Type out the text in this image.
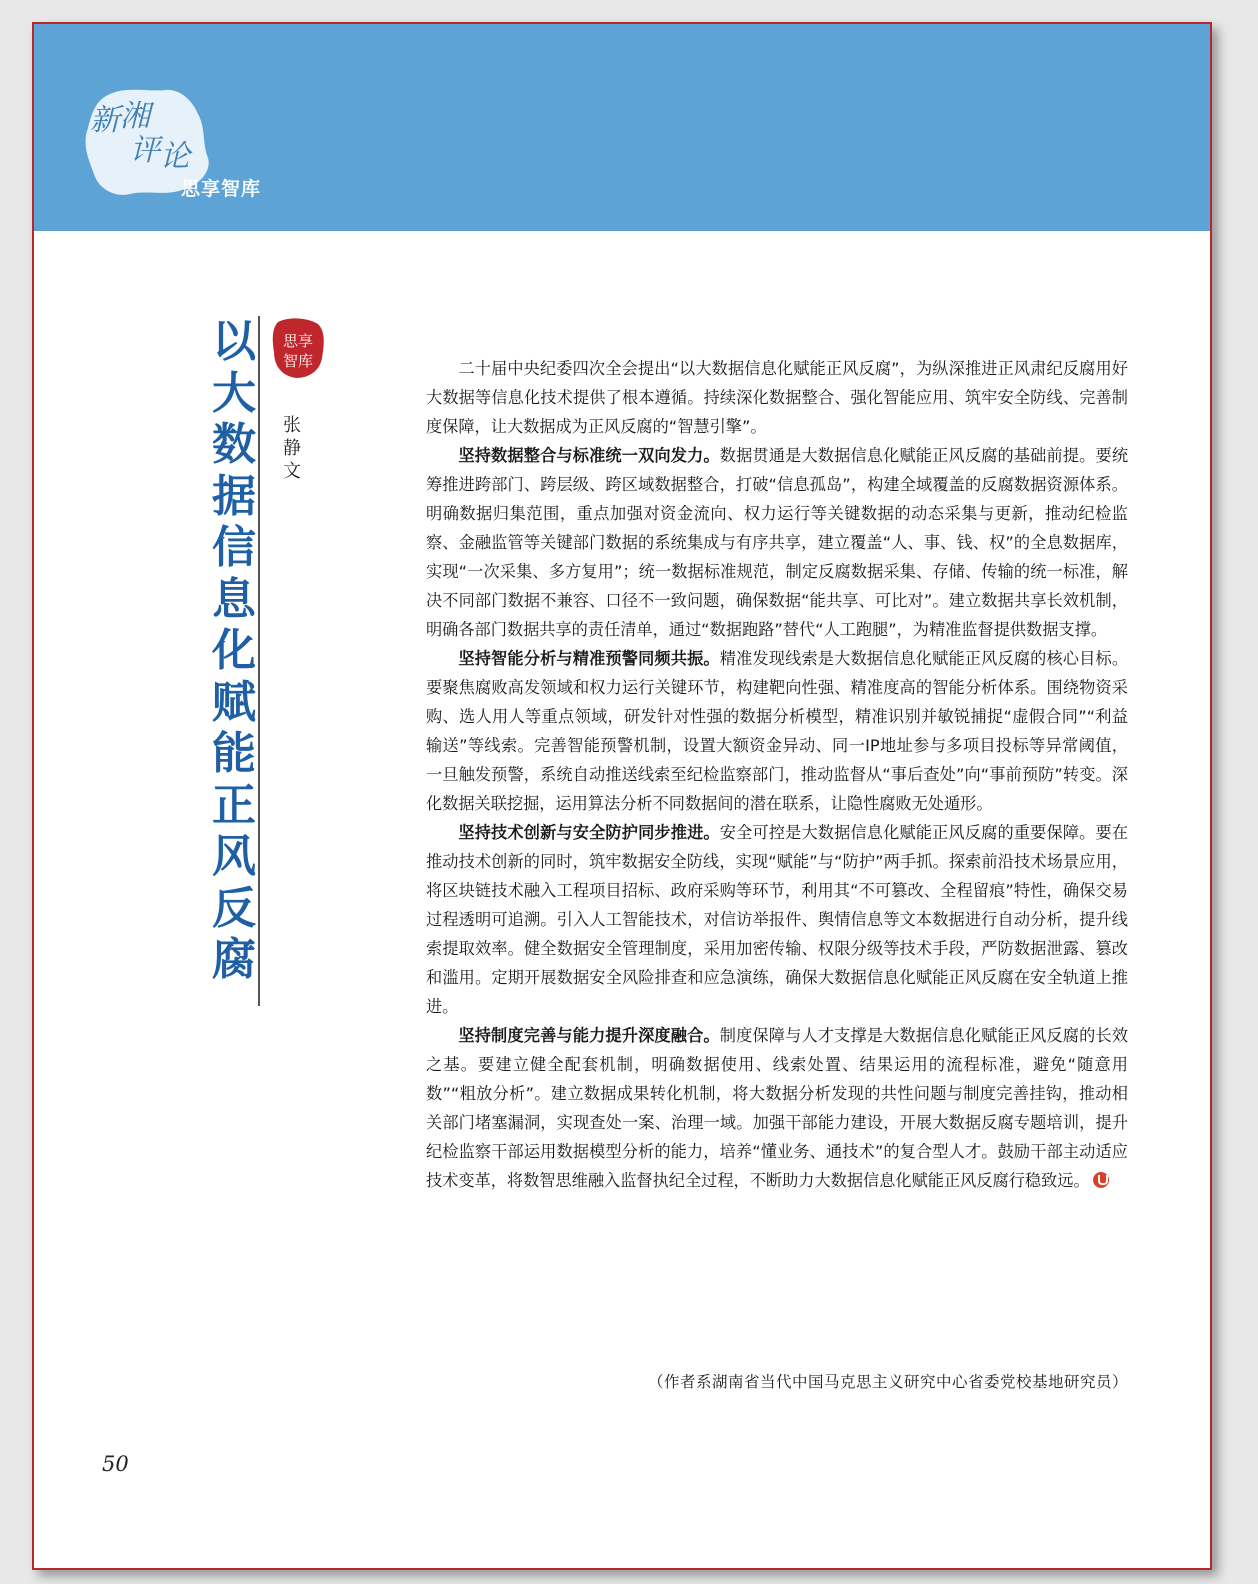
新 湘
评 论
思享智库
以大数据信息化赋能正风反腐
思享
智库
张静文

二十届中央纪委四次全会提出“以大数据信息化赋能正风反腐”，为纵深推进正风肃纪反腐用好大数据等信息化技术提供了根本遵循。持续深化数据整合、强化智能应用、筑牢安全防线、完善制度保障，让大数据成为正风反腐的“智慧引擎”。

坚持数据整合与标准统一双向发力。数据贯通是大数据信息化赋能正风反腐的基础前提。要统筹推进跨部门、跨层级、跨区域数据整合，打破“信息孤岛”，构建全域覆盖的反腐数据资源体系。明确数据归集范围，重点加强对资金流向、权力运行等关键数据的动态采集与更新，推动纪检监察、金融监管等关键部门数据的系统集成与有序共享，建立覆盖“人、事、钱、权”的全息数据库，实现“一次采集、多方复用”；统一数据标准规范，制定反腐数据采集、存储、传输的统一标准，解决不同部门数据不兼容、口径不一致问题，确保数据“能共享、可比对”。建立数据共享长效机制，明确各部门数据共享的责任清单，通过“数据跑路”替代“人工跑腿”，为精准监督提供数据支撑。

坚持智能分析与精准预警同频共振。精准发现线索是大数据信息化赋能正风反腐的核心目标。要聚焦腐败高发领域和权力运行关键环节，构建靶向性强、精准度高的智能分析体系。围绕物资采购、选人用人等重点领域，研发针对性强的数据分析模型，精准识别并敏锐捕捉“虚假合同”“利益输送”等线索。完善智能预警机制，设置大额资金异动、同一IP地址参与多项目投标等异常阈值，一旦触发预警，系统自动推送线索至纪检监察部门，推动监督从“事后查处”向“事前预防”转变。深化数据关联挖掘，运用算法分析不同数据间的潜在联系，让隐性腐败无处遁形。

坚持技术创新与安全防护同步推进。安全可控是大数据信息化赋能正风反腐的重要保障。要在推动技术创新的同时，筑牢数据安全防线，实现“赋能”与“防护”两手抓。探索前沿技术场景应用，将区块链技术融入工程项目招标、政府采购等环节，利用其“不可篡改、全程留痕”特性，确保交易过程透明可追溯。引入人工智能技术，对信访举报件、舆情信息等文本数据进行自动分析，提升线索提取效率。健全数据安全管理制度，采用加密传输、权限分级等技术手段，严防数据泄露、篡改和滥用。定期开展数据安全风险排查和应急演练，确保大数据信息化赋能正风反腐在安全轨道上推进。

坚持制度完善与能力提升深度融合。制度保障与人才支撑是大数据信息化赋能正风反腐的长效之基。要建立健全配套机制，明确数据使用、线索处置、结果运用的流程标准，避免“随意用数”“粗放分析”。建立数据成果转化机制，将大数据分析发现的共性问题与制度完善挂钩，推动相关部门堵塞漏洞，实现查处一案、治理一域。加强干部能力建设，开展大数据反腐专题培训，提升纪检监察干部运用数据模型分析的能力，培养“懂业务、通技术”的复合型人才。鼓励干部主动适应技术变革，将数智思维融入监督执纪全过程，不断助力大数据信息化赋能正风反腐行稳致远。

（作者系湖南省当代中国马克思主义研究中心省委党校基地研究员）
50
